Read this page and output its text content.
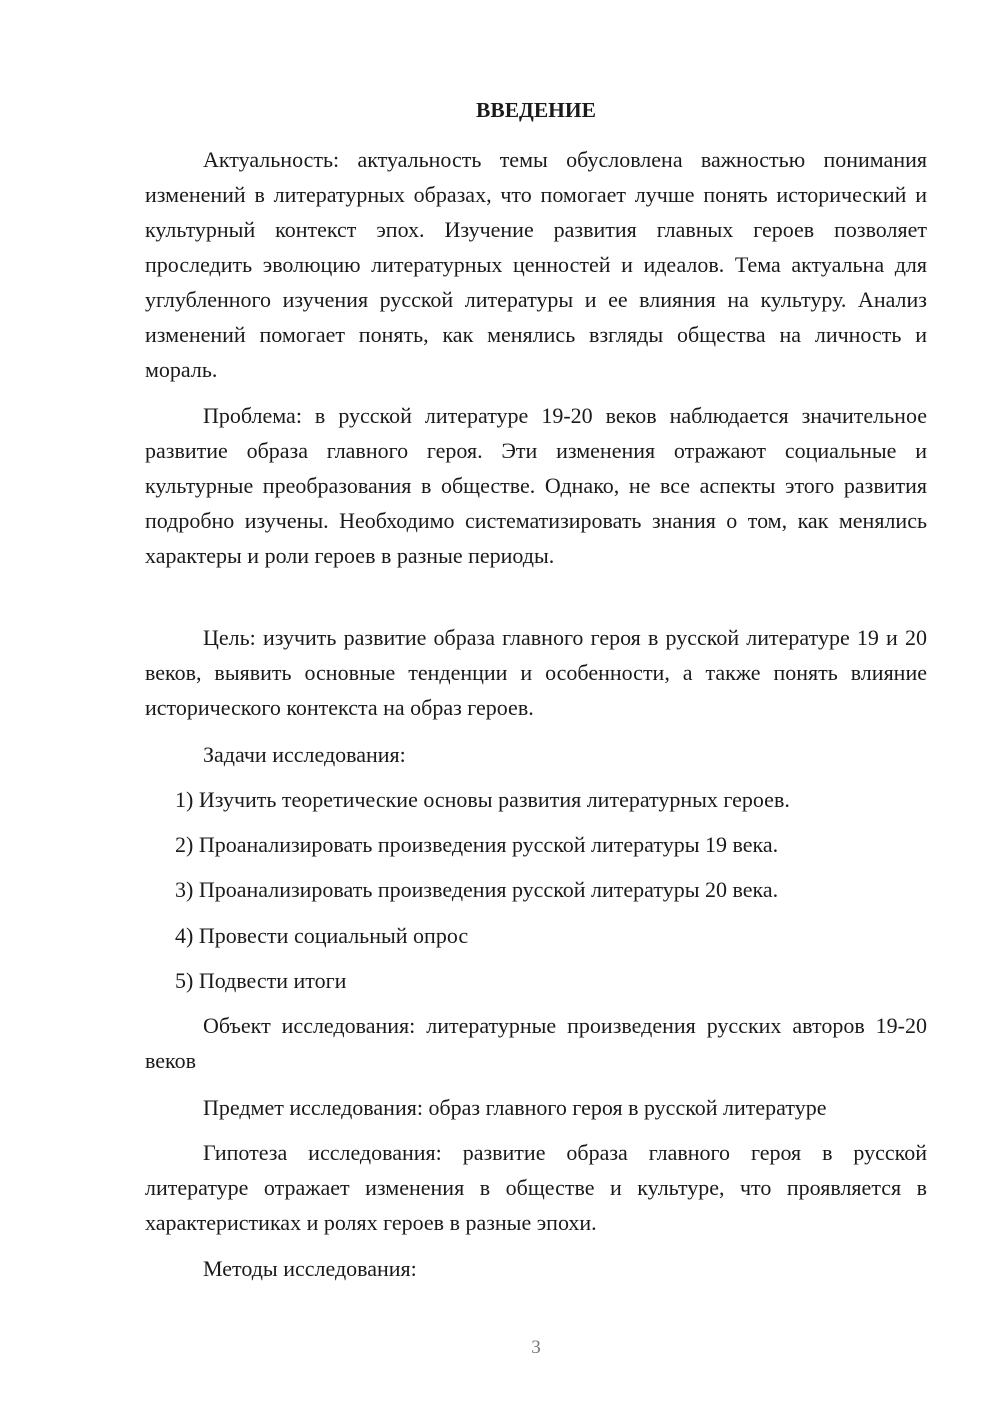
ВВЕДЕНИЕ

Актуальность: актуальность темы обусловлена важностью понимания изменений в литературных образах, что помогает лучше понять исторический и культурный контекст эпох. Изучение развития главных героев позволяет проследить эволюцию литературных ценностей и идеалов. Тема актуальна для углубленного изучения русской литературы и ее влияния на культуру. Анализ изменений помогает понять, как менялись взгляды общества на личность и мораль.

Проблема: в русской литературе 19-20 веков наблюдается значительное развитие образа главного героя. Эти изменения отражают социальные и культурные преобразования в обществе. Однако, не все аспекты этого развития подробно изучены. Необходимо систематизировать знания о том, как менялись характеры и роли героев в разные периоды.

Цель: изучить развитие образа главного героя в русской литературе 19 и 20 веков, выявить основные тенденции и особенности, а также понять влияние исторического контекста на образ героев.

Задачи исследования:

1) Изучить теоретические основы развития литературных героев.

2) Проанализировать произведения русской литературы 19 века.

3) Проанализировать произведения русской литературы 20 века.

4) Провести социальный опрос

5) Подвести итоги

Объект исследования: литературные произведения русских авторов 19-20 веков

Предмет исследования: образ главного героя в русской литературе

Гипотеза исследования: развитие образа главного героя в русской литературе отражает изменения в обществе и культуре, что проявляется в характеристиках и ролях героев в разные эпохи.

Методы исследования:

3
